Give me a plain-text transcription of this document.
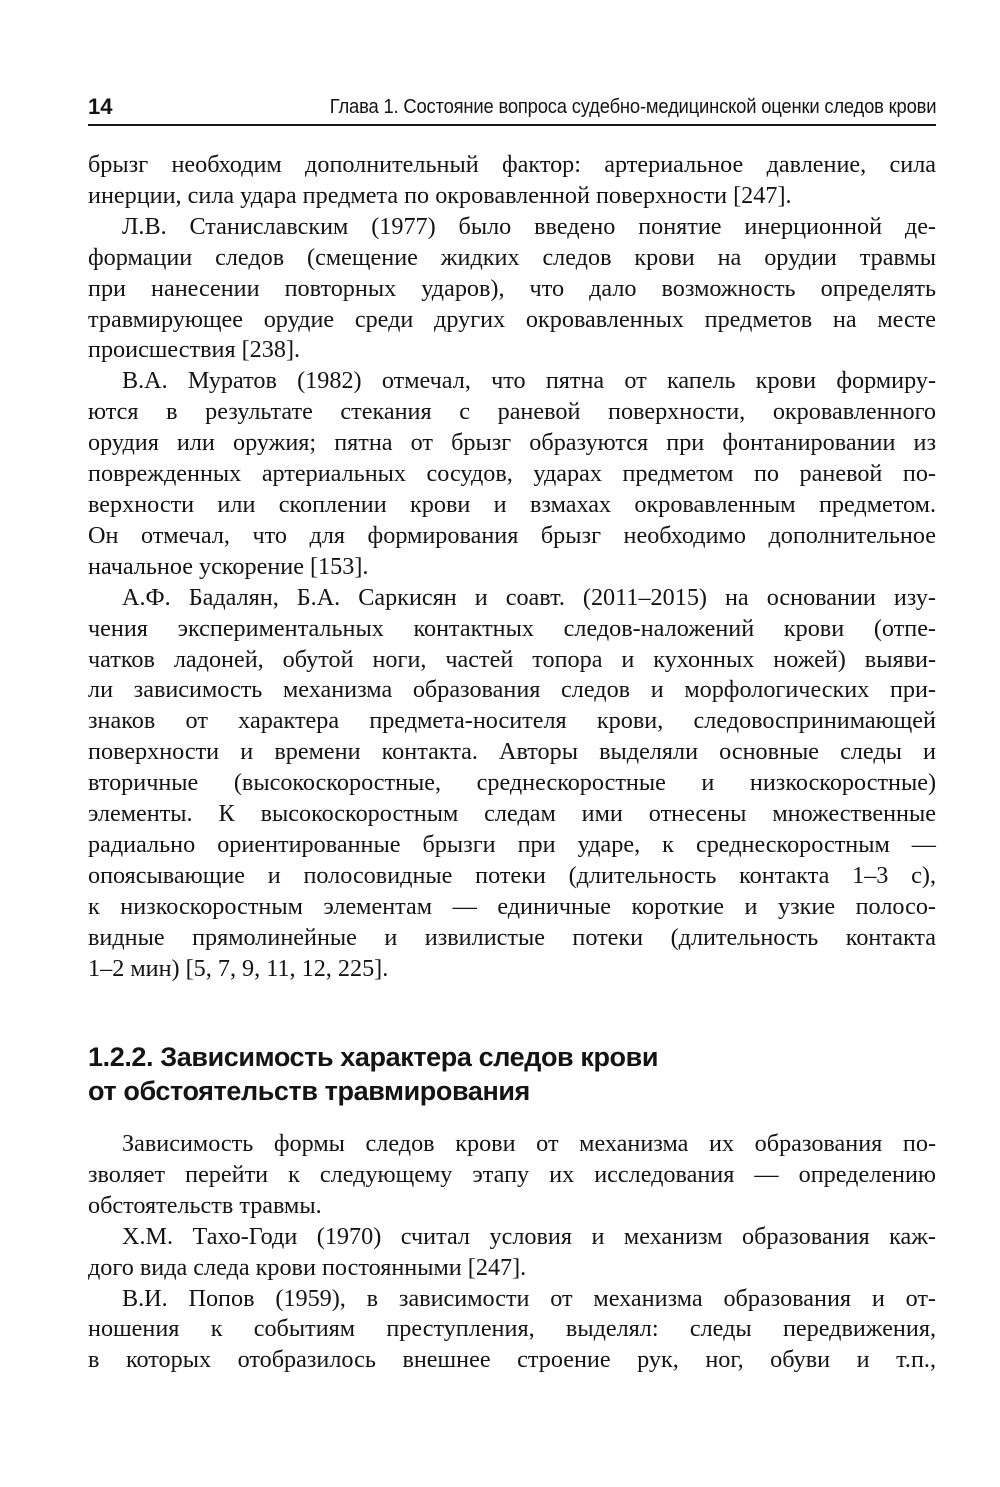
14	Глава 1. Состояние вопроса судебно-медицинской оценки следов крови

брызг необходим дополнительный фактор: артериальное давление, сила

инерции, сила удара предмета по окровавленной поверхности [247].

Л.В. Станиславским (1977) было введено понятие инерционной де-

формации следов (смещение жидких следов крови на орудии травмы

при нанесении повторных ударов), что дало возможность определять

травмирующее орудие среди других окровавленных предметов на месте

происшествия [238].

В.А. Муратов (1982) отмечал, что пятна от капель крови формиру-

ются в результате стекания с раневой поверхности, окровавленного

орудия или оружия; пятна от брызг образуются при фонтанировании из

поврежденных артериальных сосудов, ударах предметом по раневой по-

верхности или скоплении крови и взмахах окровавленным предметом.

Он отмечал, что для формирования брызг необходимо дополнительное

начальное ускорение [153].

А.Ф. Бадалян, Б.А. Саркисян и соавт. (2011–2015) на основании изу-

чения экспериментальных контактных следов-наложений крови (отпе-

чатков ладоней, обутой ноги, частей топора и кухонных ножей) выяви-

ли зависимость механизма образования следов и морфологических при-

знаков от характера предмета-носителя крови, следовоспринимающей

поверхности и времени контакта. Авторы выделяли основные следы и

вторичные (высокоскоростные, среднескоростные и низкоскоростные)

элементы. К высокоскоростным следам ими отнесены множественные

радиально ориентированные брызги при ударе, к среднескоростным —

опоясывающие и полосовидные потеки (длительность контакта 1–3 с),

к низкоскоростным элементам — единичные короткие и узкие полосо-

видные прямолинейные и извилистые потеки (длительность контакта

1–2 мин) [5, 7, 9, 11, 12, 225].

1.2.2. Зависимость характера следов крови
от обстоятельств травмирования

Зависимость формы следов крови от механизма их образования по-

зволяет перейти к следующему этапу их исследования — определению

обстоятельств травмы.

Х.М. Тахо-Годи (1970) считал условия и механизм образования каж-

дого вида следа крови постоянными [247].

В.И. Попов (1959), в зависимости от механизма образования и от-

ношения к событиям преступления, выделял: следы передвижения,

в которых отобразилось внешнее строение рук, ног, обуви и т.п.,
